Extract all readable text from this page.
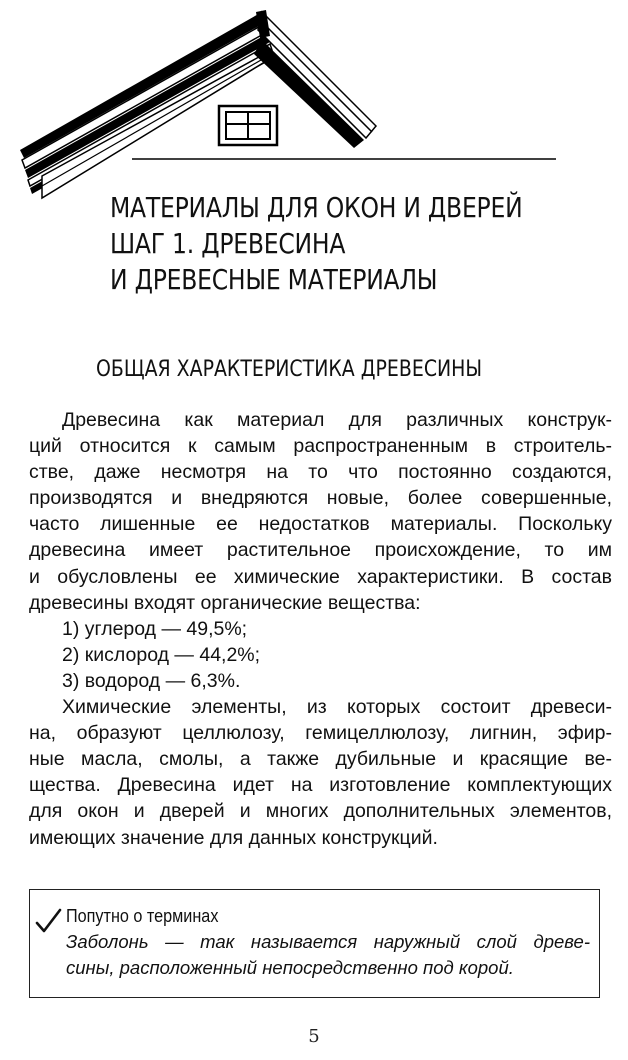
МАТЕРИАЛЫ ДЛЯ ОКОН И ДВЕРЕЙ
ШАГ 1. ДРЕВЕСИНА
И ДРЕВЕСНЫЕ МАТЕРИАЛЫ
ОБЩАЯ ХАРАКТЕРИСТИКА ДРЕВЕСИНЫ
Древесина как материал для различных конструк-
ций относится к самым распространенным в строитель-
стве, даже несмотря на то что постоянно создаются,
производятся и внедряются новые, более совершенные,
часто лишенные ее недостатков материалы. Поскольку
древесина имеет растительное происхождение, то им
и обусловлены ее химические характеристики. В состав
древесины входят органические вещества:
1) углерод — 49,5%;
2) кислород — 44,2%;
3) водород — 6,3%.
Химические элементы, из которых состоит древеси-
на, образуют целлюлозу, гемицеллюлозу, лигнин, эфир-
ные масла, смолы, а также дубильные и красящие ве-
щества. Древесина идет на изготовление комплектующих
для окон и дверей и многих дополнительных элементов,
имеющих значение для данных конструкций.
Попутно о терминах
Заболонь — так называется наружный слой древе-
сины, расположенный непосредственно под корой.
5
